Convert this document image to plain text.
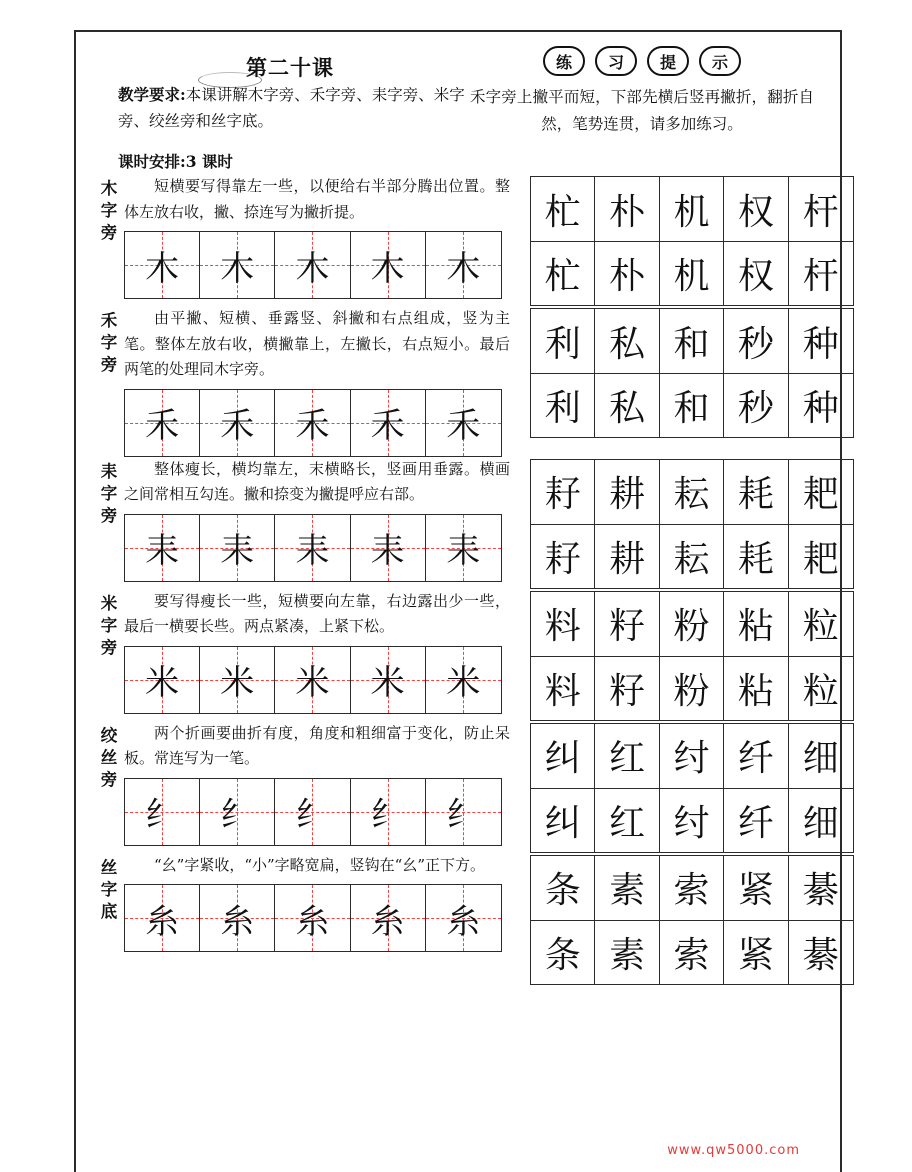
第二十课
教学要求:本课讲解木字旁、禾字旁、耒字旁、米字旁、绞丝旁和丝字底。
课时安排:3 课时
练	习	提	示
禾字旁上撇平而短，下部先横后竖再撇折，翻折自然，笔势连贯，请多加练习。
木字旁
短横要写得靠左一些，以便给右半部分腾出位置。整体左放右收，撇、捺连写为撇折提。
木	木	木	木	木
杧 朴 机 权 杆
杧 朴 机 权 杆
禾字旁
由平撇、短横、垂露竖、斜撇和右点组成，竖为主笔。整体左放右收，横撇靠上，左撇长，右点短小。最后两笔的处理同木字旁。
禾	禾	禾	禾	禾
利 私 和 秒 种
利 私 和 秒 种
耒字旁
整体瘦长，横均靠左，末横略长，竖画用垂露。横画之间常相互勾连。撇和捺变为撇提呼应右部。
耒	耒	耒	耒	耒
耔 耕 耘 耗 耙
耔 耕 耘 耗 耙
米字旁
要写得瘦长一些，短横要向左靠，右边露出少一些，最后一横要长些。两点紧凑，上紧下松。
米	米	米	米	米
料 籽 粉 粘 粒
料 籽 粉 粘 粒
绞丝旁
两个折画要曲折有度，角度和粗细富于变化，防止呆板。常连写为一笔。
纟	纟	纟	纟	纟
纠 红 纣 纤 细
纠 红 纣 纤 细
丝字底
“幺”字紧收，“小”字略宽扁，竖钩在“幺”正下方。
糸	糸	糸	糸	糸
条 素 索 紧 綦
条 素 索 紧 綦
www.qw5000.com
